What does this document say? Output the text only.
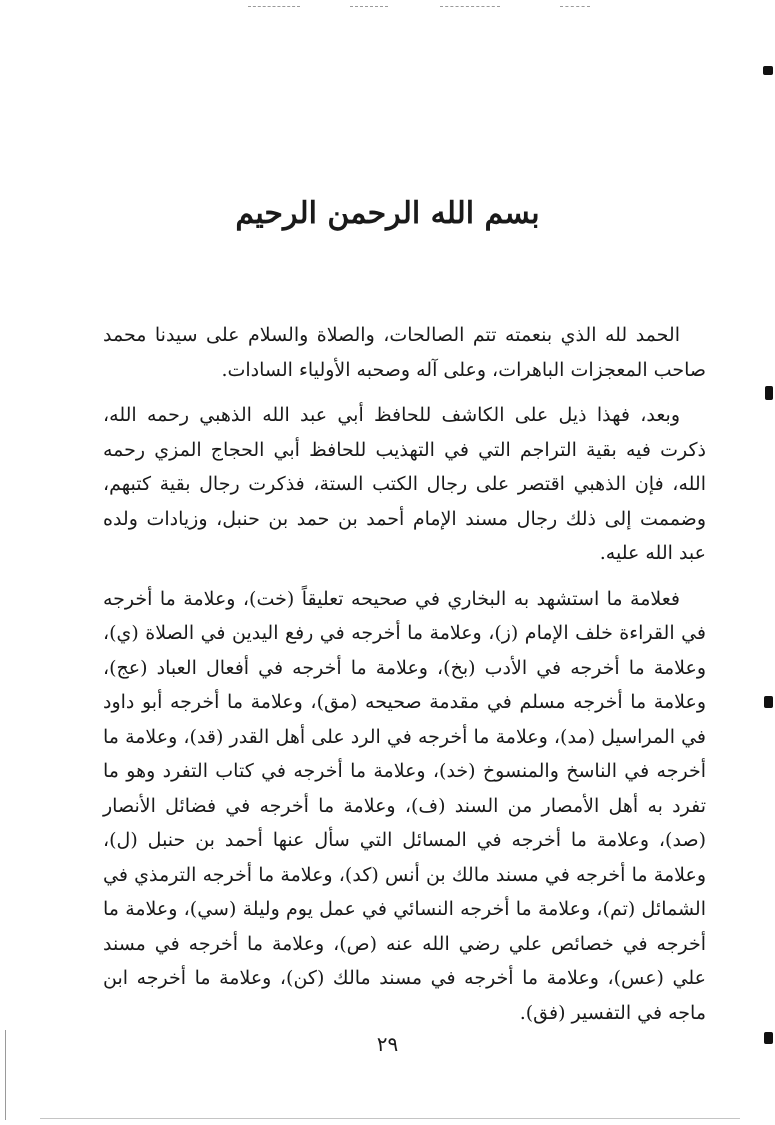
بسم الله الرحمن الرحيم

الحمد لله الذي بنعمته تتم الصالحات، والصلاة والسلام على سيدنا محمد صاحب المعجزات الباهرات، وعلى آله وصحبه الأولياء السادات.

وبعد، فهذا ذيل على الكاشف للحافظ أبي عبد الله الذهبي رحمه الله، ذكرت فيه بقية التراجم التي في التهذيب للحافظ أبي الحجاج المزي رحمه الله، فإن الذهبي اقتصر على رجال الكتب الستة، فذكرت رجال بقية كتبهم، وضممت إلى ذلك رجال مسند الإمام أحمد بن حمد بن حنبل، وزيادات ولده عبد الله عليه.

فعلامة ما استشهد به البخاري في صحيحه تعليقاً (خت)، وعلامة ما أخرجه في القراءة خلف الإمام (ز)، وعلامة ما أخرجه في رفع اليدين في الصلاة (ي)، وعلامة ما أخرجه في الأدب (بخ)، وعلامة ما أخرجه في أفعال العباد (عج)، وعلامة ما أخرجه مسلم في مقدمة صحيحه (مق)، وعلامة ما أخرجه أبو داود في المراسيل (مد)، وعلامة ما أخرجه في الرد على أهل القدر (قد)، وعلامة ما أخرجه في الناسخ والمنسوخ (خد)، وعلامة ما أخرجه في كتاب التفرد وهو ما تفرد به أهل الأمصار من السند (ف)، وعلامة ما أخرجه في فضائل الأنصار (صد)، وعلامة ما أخرجه في المسائل التي سأل عنها أحمد بن حنبل (ل)، وعلامة ما أخرجه في مسند مالك بن أنس (كد)، وعلامة ما أخرجه الترمذي في الشمائل (تم)، وعلامة ما أخرجه النسائي في عمل يوم وليلة (سي)، وعلامة ما أخرجه في خصائص علي رضي الله عنه (ص)، وعلامة ما أخرجه في مسند علي (عس)، وعلامة ما أخرجه في مسند مالك (كن)، وعلامة ما أخرجه ابن ماجه في التفسير (فق).

٢٩
